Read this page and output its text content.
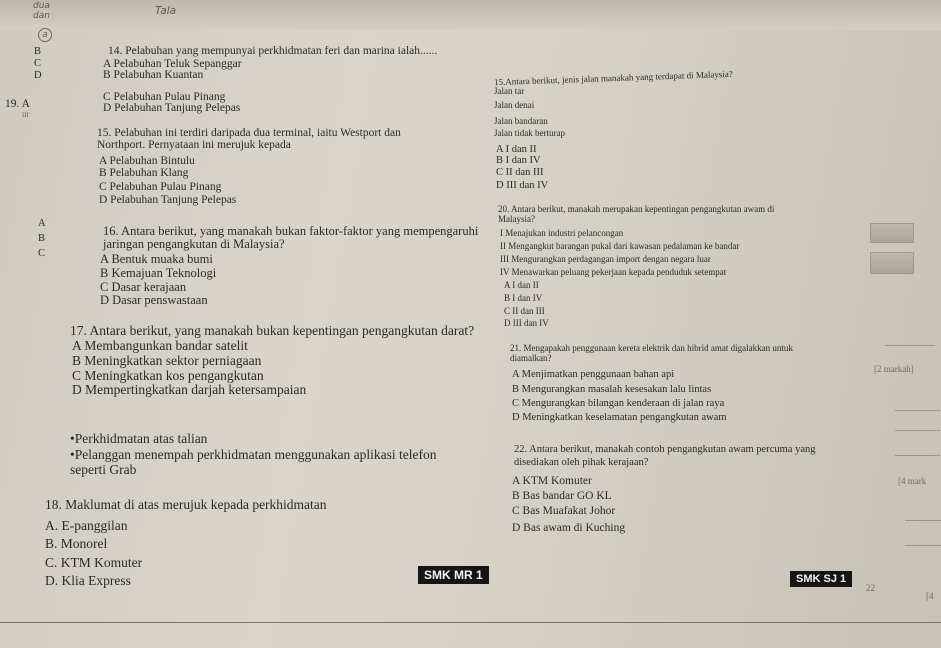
dua
dan	Tala
a
B
C
D
19. A
ur
A
B
C
14. Pelabuhan yang mempunyai perkhidmatan feri dan marina ialah......
A Pelabuhan Teluk Sepanggar
B Pelabuhan Kuantan
C Pelabuhan Pulau Pinang
D Pelabuhan Tanjung Pelepas
15. Pelabuhan ini terdiri daripada dua terminal, iaitu Westport dan
Northport. Pernyataan ini merujuk kepada
A Pelabuhan Bintulu
B Pelabuhan Klang
C Pelabuhan Pulau Pinang
D Pelabuhan Tanjung Pelepas
16. Antara berikut, yang manakah bukan faktor-faktor yang mempengaruhi
jaringan pengangkutan di Malaysia?
A Bentuk muaka bumi
B Kemajuan Teknologi
C Dasar kerajaan
D Dasar penswastaan
17. Antara berikut, yang manakah bukan kepentingan pengangkutan darat?
A Membangunkan bandar satelit
B Meningkatkan sektor perniagaan
C Meningkatkan kos pengangkutan
D Mempertingkatkan darjah ketersampaian
•Perkhidmatan atas talian
•Pelanggan menempah perkhidmatan menggunakan aplikasi telefon
seperti Grab
18. Maklumat di atas merujuk kepada perkhidmatan
A. E-panggilan
B. Monorel
C. KTM Komuter
D. Klia Express
15.Antara berikut, jenis jalan manakah yang terdapat di Malaysia?
Jalan tar
Jalan denai
Jalan bandaran
Jalan tidak berturap
A I dan II
B I dan IV
C II dan III
D III dan IV
20. Antara berikut, manakah merupakan kepentingan pengangkutan awam di
Malaysia?
I Menajukan industri pelancongan
II Mengangkut barangan pukal dari kawasan pedalaman ke bandar
III Mengurangkan perdagangan import dengan negara luar
IV Menawarkan peluang pekerjaan kepada penduduk setempat
A I dan II
B I dan IV
C II dan III
D III dan IV
21. Mengapakah penggunaan kereta elektrik dan hibrid amat digalakkan untuk
diamalkan?
A Menjimatkan penggunaan bahan api
B Mengurangkan masalah kesesakan lalu lintas
C Mengurangkan bilangan kenderaan di jalan raya
D Meningkatkan keselamatan pengangkutan awam
22. Antara berikut, manakah contoh pengangkutan awam percuma yang
disediakan oleh pihak kerajaan?
A KTM Komuter
B Bas bandar GO KL
C Bas Muafakat Johor
D Bas awam di Kuching
SMK MR 1	SMK SJ 1
22
[2 markah]
[4 mark
[4
